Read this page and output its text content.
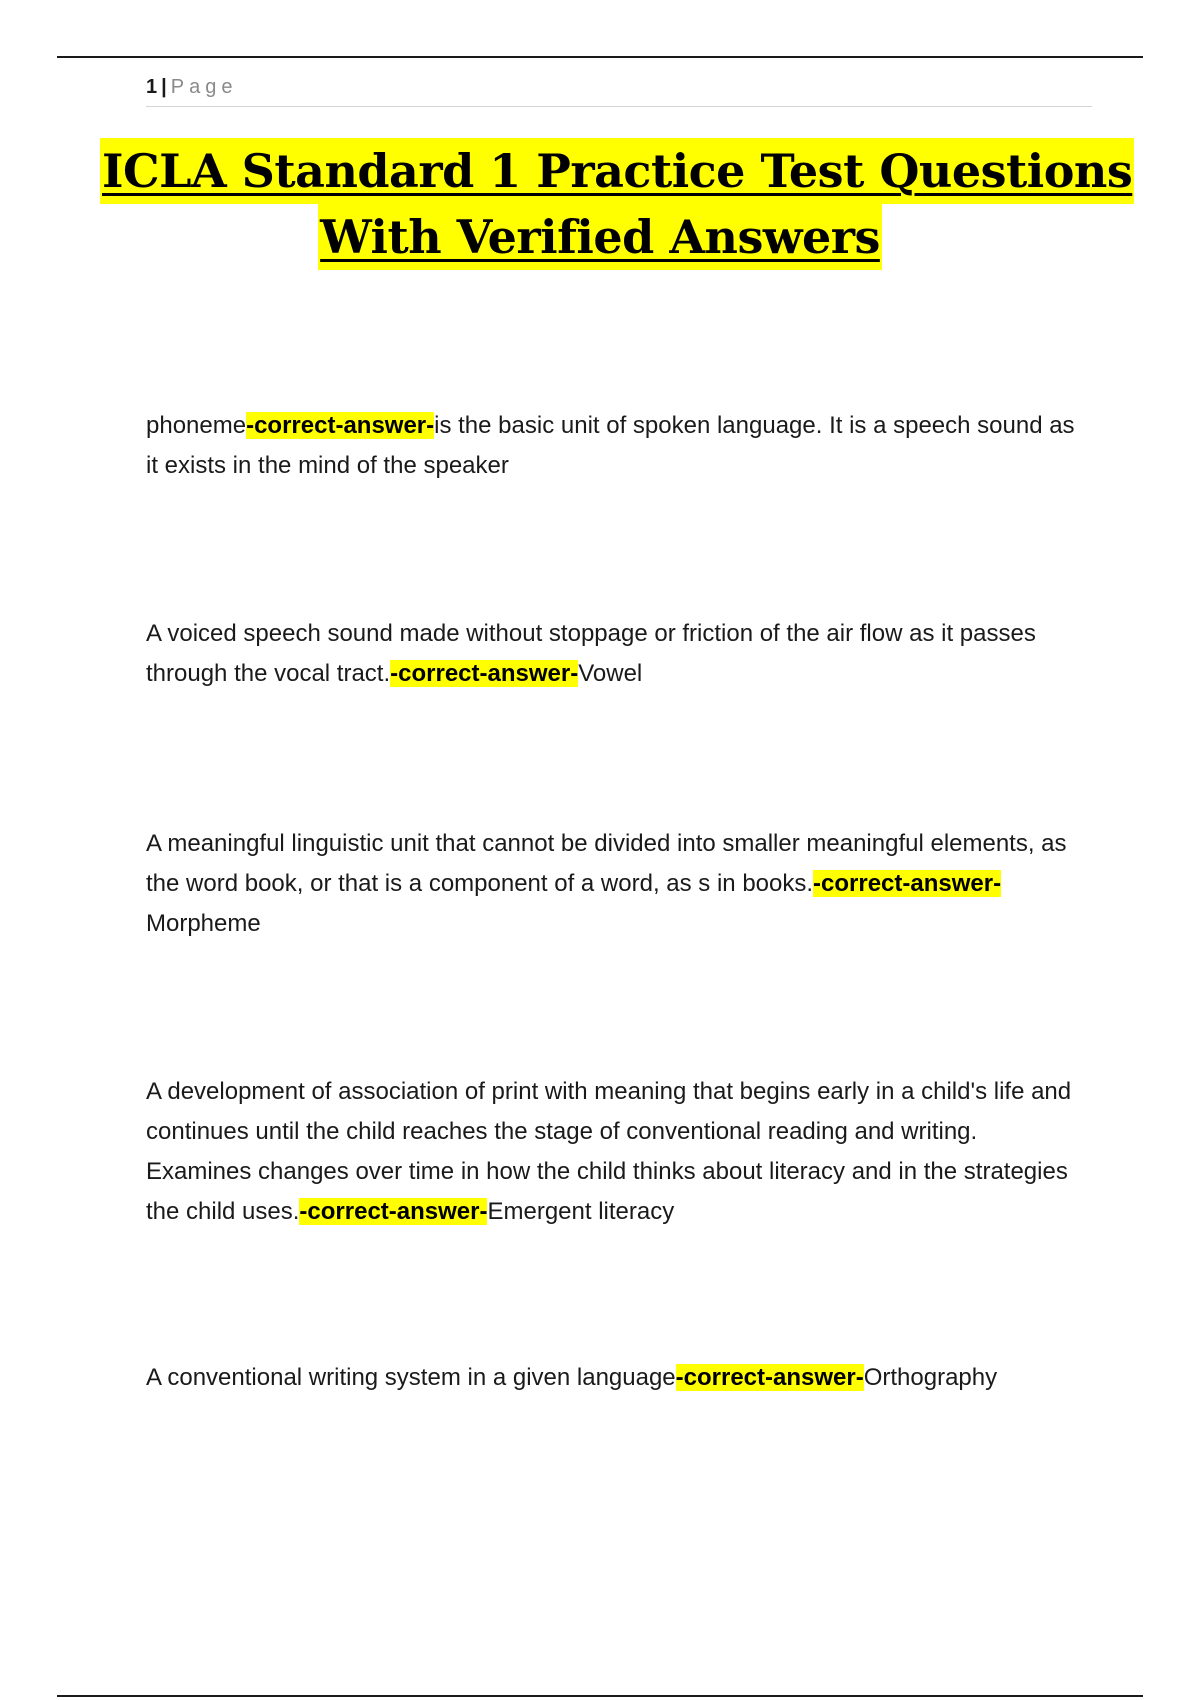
1 | Page
ICLA Standard 1 Practice Test Questions
With Verified Answers
phoneme-correct-answer-is the basic unit of spoken language. It is a speech sound as it exists in the mind of the speaker
A voiced speech sound made without stoppage or friction of the air flow as it passes through the vocal tract.-correct-answer-Vowel
A meaningful linguistic unit that cannot be divided into smaller meaningful elements, as the word book, or that is a component of a word, as s in books.-correct-answer-Morpheme
A development of association of print with meaning that begins early in a child's life and continues until the child reaches the stage of conventional reading and writing. Examines changes over time in how the child thinks about literacy and in the strategies the child uses.-correct-answer-Emergent literacy
A conventional writing system in a given language-correct-answer-Orthography
